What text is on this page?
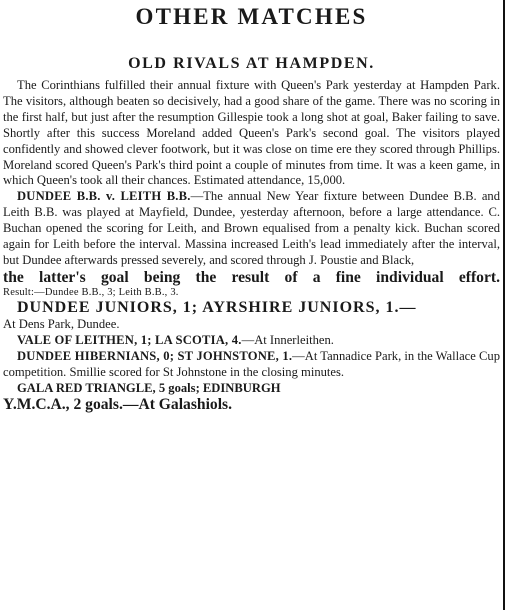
OTHER MATCHES
OLD RIVALS AT HAMPDEN.

The Corinthians fulfilled their annual fixture with Queen's Park yesterday at Hampden Park. The visitors, although beaten so decisively, had a good share of the game. There was no scoring in the first half, but just after the resumption Gillespie took a long shot at goal, Baker failing to save. Shortly after this success Moreland added Queen's Park's second goal. The visitors played confidently and showed clever footwork, but it was close on time ere they scored through Phillips. Moreland scored Queen's Park's third point a couple of minutes from time. It was a keen game, in which Queen's took all their chances. Estimated attendance, 15,000.

DUNDEE B.B. v. LEITH B.B.—The annual New Year fixture between Dundee B.B. and Leith B.B. was played at Mayfield, Dundee, yesterday afternoon, before a large attendance. C. Buchan opened the scoring for Leith, and Brown equalised from a penalty kick. Buchan scored again for Leith before the interval. Massina increased Leith's lead immediately after the interval, but Dundee afterwards pressed severely, and scored through J. Poustie and Black,

the latter's goal being the result of a fine individual effort.

Result:—Dundee B.B., 3; Leith B.B., 3.

DUNDEE JUNIORS, 1; AYRSHIRE JUNIORS, 1.—

At Dens Park, Dundee.

VALE OF LEITHEN, 1; LA SCOTIA, 4.—At Innerleithen.

DUNDEE HIBERNIANS, 0; ST JOHNSTONE, 1.—At Tannadice Park, in the Wallace Cup competition. Smillie scored for St Johnstone in the closing minutes.

GALA RED TRIANGLE, 5 goals; EDINBURGH

Y.M.C.A., 2 goals.—At Galashiols.
